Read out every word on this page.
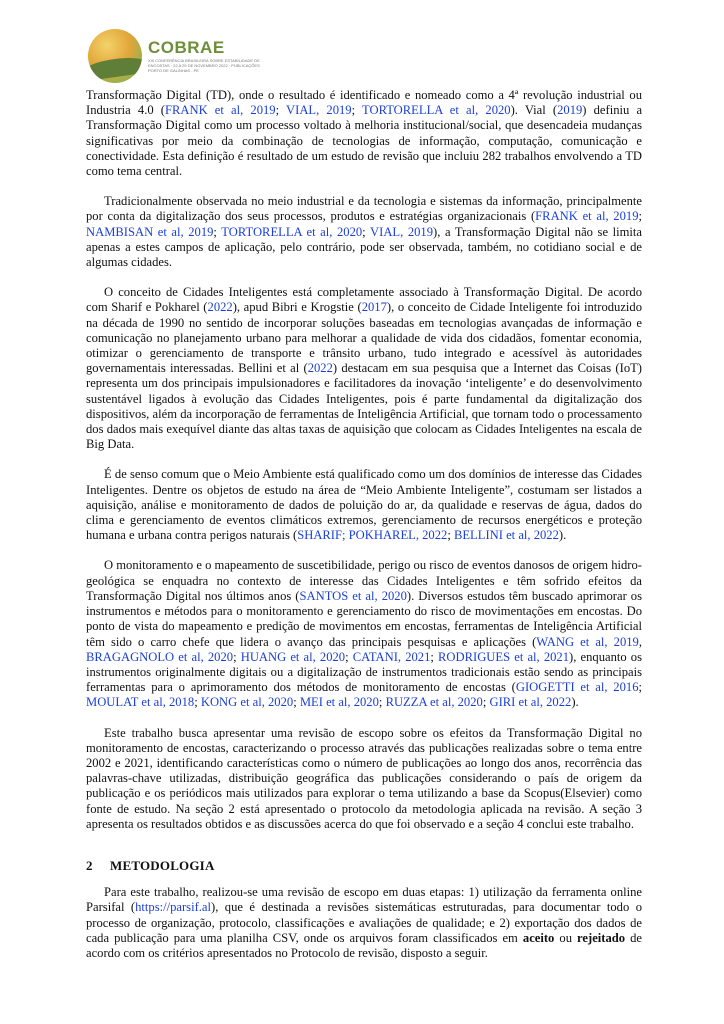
COBRAE
XIII CONFERÊNCIA BRASILEIRA SOBRE ESTABILIDADE DE ENCOSTAS · 22 A 25 DE NOVEMBRO 2022 · PUBLICAÇÕES PORTO DE GALINHAS - PE

Transformação Digital (TD), onde o resultado é identificado e nomeado como a 4ª revolução industrial ou Industria 4.0 (FRANK et al, 2019; VIAL, 2019; TORTORELLA et al, 2020). Vial (2019) definiu a Transformação Digital como um processo voltado à melhoria institucional/social, que desencadeia mudanças significativas por meio da combinação de tecnologias de informação, computação, comunicação e conectividade. Esta definição é resultado de um estudo de revisão que incluiu 282 trabalhos envolvendo a TD como tema central.

Tradicionalmente observada no meio industrial e da tecnologia e sistemas da informação, principalmente por conta da digitalização dos seus processos, produtos e estratégias organizacionais (FRANK et al, 2019; NAMBISAN et al, 2019; TORTORELLA et al, 2020; VIAL, 2019), a Transformação Digital não se limita apenas a estes campos de aplicação, pelo contrário, pode ser observada, também, no cotidiano social e de algumas cidades.

O conceito de Cidades Inteligentes está completamente associado à Transformação Digital. De acordo com Sharif e Pokharel (2022), apud Bibri e Krogstie (2017), o conceito de Cidade Inteligente foi introduzido na década de 1990 no sentido de incorporar soluções baseadas em tecnologias avançadas de informação e comunicação no planejamento urbano para melhorar a qualidade de vida dos cidadãos, fomentar economia, otimizar o gerenciamento de transporte e trânsito urbano, tudo integrado e acessível às autoridades governamentais interessadas. Bellini et al (2022) destacam em sua pesquisa que a Internet das Coisas (IoT) representa um dos principais impulsionadores e facilitadores da inovação ‘inteligente’ e do desenvolvimento sustentável ligados à evolução das Cidades Inteligentes, pois é parte fundamental da digitalização dos dispositivos, além da incorporação de ferramentas de Inteligência Artificial, que tornam todo o processamento dos dados mais exequível diante das altas taxas de aquisição que colocam as Cidades Inteligentes na escala de Big Data.

É de senso comum que o Meio Ambiente está qualificado como um dos domínios de interesse das Cidades Inteligentes. Dentre os objetos de estudo na área de “Meio Ambiente Inteligente”, costumam ser listados a aquisição, análise e monitoramento de dados de poluição do ar, da qualidade e reservas de água, dados do clima e gerenciamento de eventos climáticos extremos, gerenciamento de recursos energéticos e proteção humana e urbana contra perigos naturais (SHARIF; POKHAREL, 2022; BELLINI et al, 2022).

O monitoramento e o mapeamento de suscetibilidade, perigo ou risco de eventos danosos de origem hidro-geológica se enquadra no contexto de interesse das Cidades Inteligentes e têm sofrido efeitos da Transformação Digital nos últimos anos (SANTOS et al, 2020). Diversos estudos têm buscado aprimorar os instrumentos e métodos para o monitoramento e gerenciamento do risco de movimentações em encostas. Do ponto de vista do mapeamento e predição de movimentos em encostas, ferramentas de Inteligência Artificial têm sido o carro chefe que lidera o avanço das principais pesquisas e aplicações (WANG et al, 2019, BRAGAGNOLO et al, 2020; HUANG et al, 2020; CATANI, 2021; RODRIGUES et al, 2021), enquanto os instrumentos originalmente digitais ou a digitalização de instrumentos tradicionais estão sendo as principais ferramentas para o aprimoramento dos métodos de monitoramento de encostas (GIOGETTI et al, 2016; MOULAT et al, 2018; KONG et al, 2020; MEI et al, 2020; RUZZA et al, 2020; GIRI et al, 2022).

Este trabalho busca apresentar uma revisão de escopo sobre os efeitos da Transformação Digital no monitoramento de encostas, caracterizando o processo através das publicações realizadas sobre o tema entre 2002 e 2021, identificando características como o número de publicações ao longo dos anos, recorrência das palavras-chave utilizadas, distribuição geográfica das publicações considerando o país de origem da publicação e os periódicos mais utilizados para explorar o tema utilizando a base da Scopus(Elsevier) como fonte de estudo. Na seção 2 está apresentado o protocolo da metodologia aplicada na revisão. A seção 3 apresenta os resultados obtidos e as discussões acerca do que foi observado e a seção 4 conclui este trabalho.

2 METODOLOGIA

Para este trabalho, realizou-se uma revisão de escopo em duas etapas: 1) utilização da ferramenta online Parsifal (https://parsif.al), que é destinada a revisões sistemáticas estruturadas, para documentar todo o processo de organização, protocolo, classificações e avaliações de qualidade; e 2) exportação dos dados de cada publicação para uma planilha CSV, onde os arquivos foram classificados em aceito ou rejeitado de acordo com os critérios apresentados no Protocolo de revisão, disposto a seguir.
